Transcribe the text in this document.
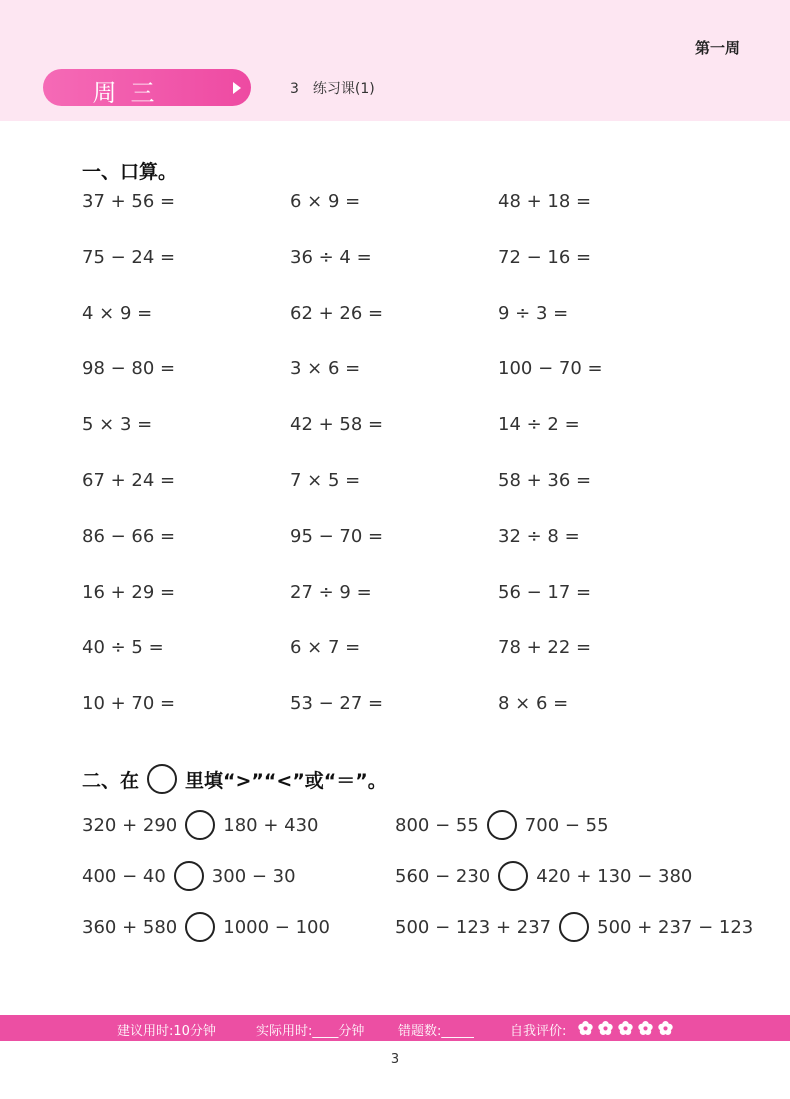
第一周
周三	3 练习课(1)
一、口算。
37 + 56 =	6 × 9 =	48 + 18 =
75 − 24 =	36 ÷ 4 =	72 − 16 =
4 × 9 =	62 + 26 =	9 ÷ 3 =
98 − 80 =	3 × 6 =	100 − 70 =
5 × 3 =	42 + 58 =	14 ÷ 2 =
67 + 24 =	7 × 5 =	58 + 36 =
86 − 66 =	95 − 70 =	32 ÷ 8 =
16 + 29 =	27 ÷ 9 =	56 − 17 =
40 ÷ 5 =	6 × 7 =	78 + 22 =
10 + 70 =	53 − 27 =	8 × 6 =
二、在 里填“>”“<”或“＝”。
320 + 290	180 + 430	800 − 55	700 − 55
400 − 40	300 − 30	560 − 230	420 + 130 − 380
360 + 580	1000 − 100	500 − 123 + 237	500 + 237 − 123
建议用时:10分钟	实际用时:____分钟	错题数:_____	自我评价:
3
